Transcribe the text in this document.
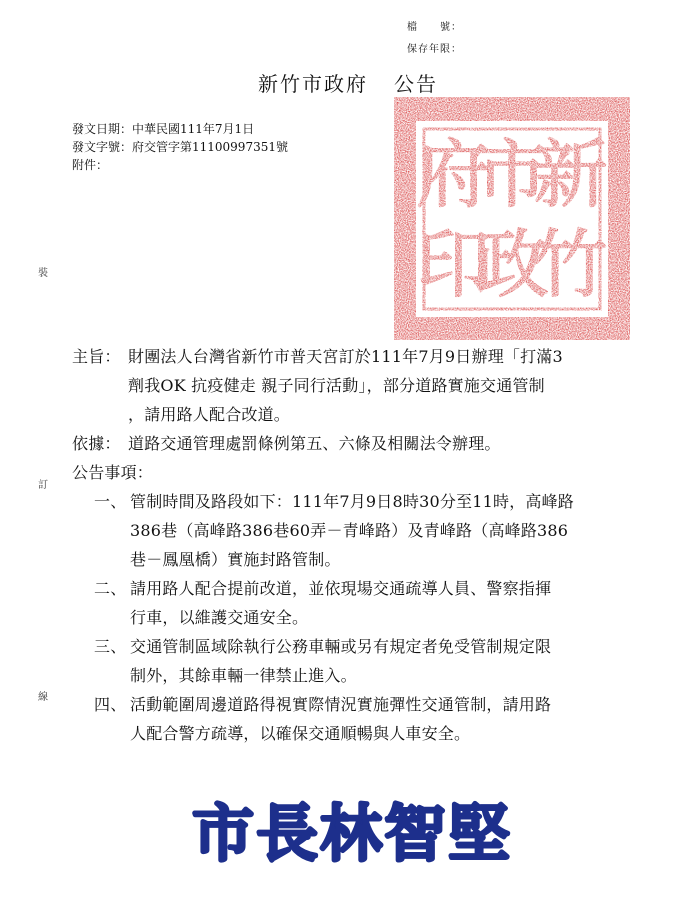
檔　　號：
保存年限：
新竹市政府 公告
發文日期：中華民國111年7月1日
發文字號：府交管字第11100997351號
附件：
裝
訂
線
新
竹
市
政
府
印
主旨： 財團法人台灣省新竹市普天宮訂於111年7月9日辦理「打滿3
劑我OK 抗疫健走 親子同行活動」，部分道路實施交通管制
，請用路人配合改道。
依據： 道路交通管理處罰條例第五、六條及相關法令辦理。
公告事項：
一、 管制時間及路段如下：111年7月9日8時30分至11時，高峰路
386巷（高峰路386巷60弄－青峰路）及青峰路（高峰路386
巷－鳳凰橋）實施封路管制。
二、 請用路人配合提前改道，並依現場交通疏導人員、警察指揮
行車，以維護交通安全。
三、 交通管制區域除執行公務車輛或另有規定者免受管制規定限
制外，其餘車輛一律禁止進入。
四、 活動範圍周邊道路得視實際情況實施彈性交通管制，請用路
人配合警方疏導，以確保交通順暢與人車安全。
市長林智堅
